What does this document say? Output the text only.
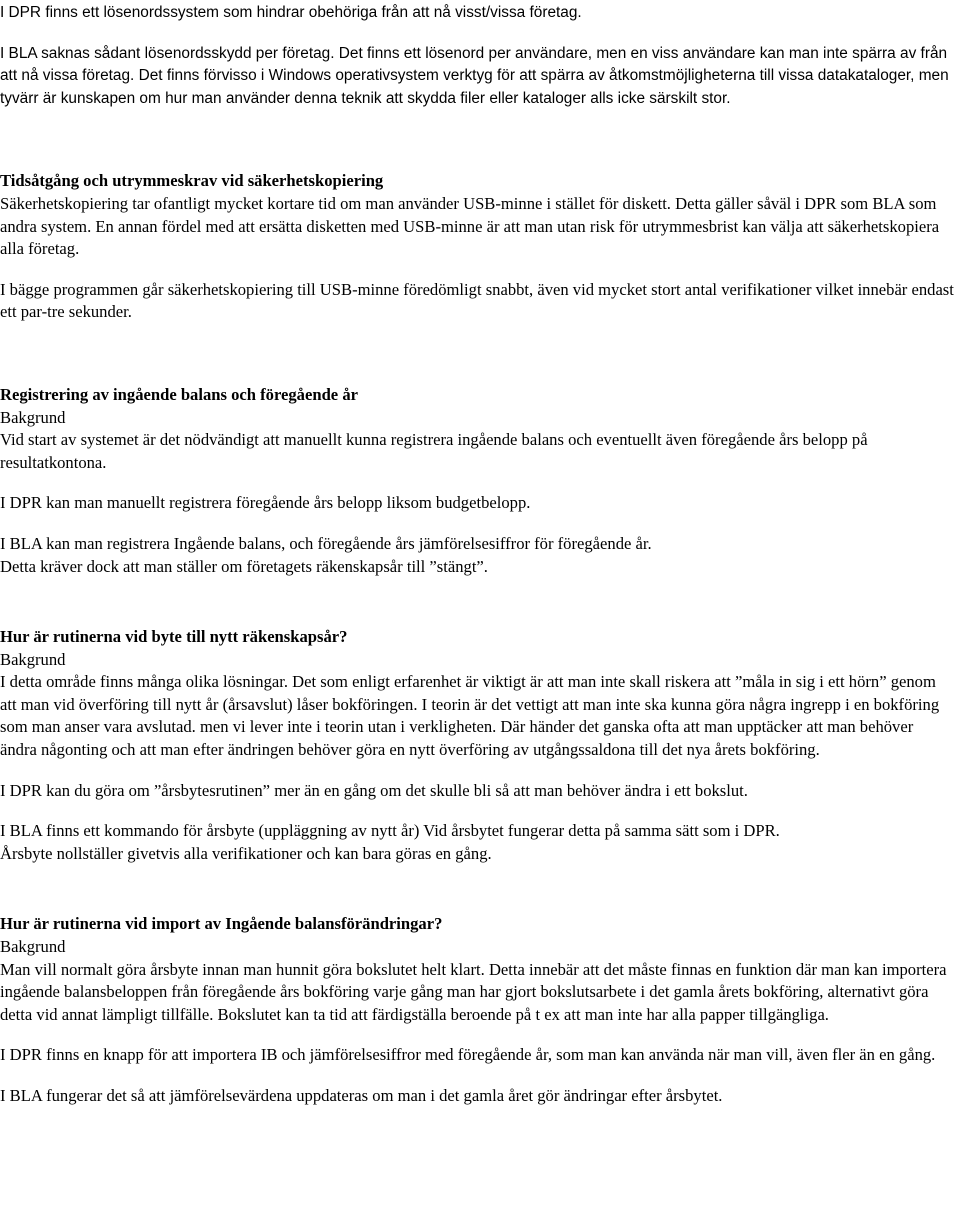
I DPR finns ett lösenordssystem som hindrar obehöriga från att nå visst/vissa företag.

I BLA saknas sådant lösenordsskydd per företag. Det finns ett lösenord per användare, men en viss användare kan man inte spärra av från att nå vissa företag. Det finns förvisso i Windows operativsystem verktyg för att spärra av åtkomstmöjligheterna till vissa datakataloger, men tyvärr är kunskapen om hur man använder denna teknik att skydda filer eller kataloger alls icke särskilt stor.

Tidsåtgång och utrymmeskrav vid säkerhetskopiering

Säkerhetskopiering tar ofantligt mycket kortare tid om man använder USB-minne i stället för diskett. Detta gäller såväl i DPR som BLA som andra system. En annan fördel med att ersätta disketten med USB-minne är att man utan risk för utrymmesbrist kan välja att säkerhetskopiera alla företag.

I bägge programmen går säkerhetskopiering till USB-minne föredömligt snabbt, även vid mycket stort antal verifikationer vilket innebär endast ett par-tre sekunder.

Registrering av ingående balans och föregående år

Bakgrund

Vid start av systemet är det nödvändigt att manuellt kunna registrera ingående balans och eventuellt även föregående års belopp på resultatkontona.

I DPR kan man manuellt registrera föregående års belopp liksom budgetbelopp.

I BLA kan man registrera Ingående balans, och föregående års jämförelsesiffror för föregående år.
Detta kräver dock att man ställer om företagets räkenskapsår till ”stängt”.

Hur är rutinerna vid byte till nytt räkenskapsår?

Bakgrund

I detta område finns många olika lösningar. Det som enligt erfarenhet är viktigt är att man inte skall riskera att ”måla in sig i ett hörn” genom att man vid överföring till nytt år (årsavslut) låser bokföringen. I teorin är det vettigt att man inte ska kunna göra några ingrepp i en bokföring som man anser vara avslutad. men vi lever inte i teorin utan i verkligheten. Där händer det ganska ofta att man upptäcker att man behöver ändra någonting och att man efter ändringen behöver göra en nytt överföring av utgångssaldona till det nya årets bokföring.

I DPR kan du göra om ”årsbytesrutinen” mer än en gång om det skulle bli så att man behöver ändra i ett bokslut.

I BLA finns ett kommando för årsbyte (uppläggning av nytt år) Vid årsbytet fungerar detta på samma sätt som i DPR.
Årsbyte nollställer givetvis alla verifikationer och kan bara göras en gång.

Hur är rutinerna vid import av Ingående balansförändringar?

Bakgrund

Man vill normalt göra årsbyte innan man hunnit göra bokslutet helt klart. Detta innebär att det måste finnas en funktion där man kan importera ingående balansbeloppen från föregående års bokföring varje gång man har gjort bokslutsarbete i det gamla årets bokföring, alternativt göra detta vid annat lämpligt tillfälle. Bokslutet kan ta tid att färdigställa beroende på t ex att man inte har alla papper tillgängliga.

I DPR finns en knapp för att importera IB och jämförelsesiffror med föregående år, som man kan använda när man vill, även fler än en gång.

I BLA fungerar det så att jämförelsevärdena uppdateras om man i det gamla året gör ändringar efter årsbytet.
